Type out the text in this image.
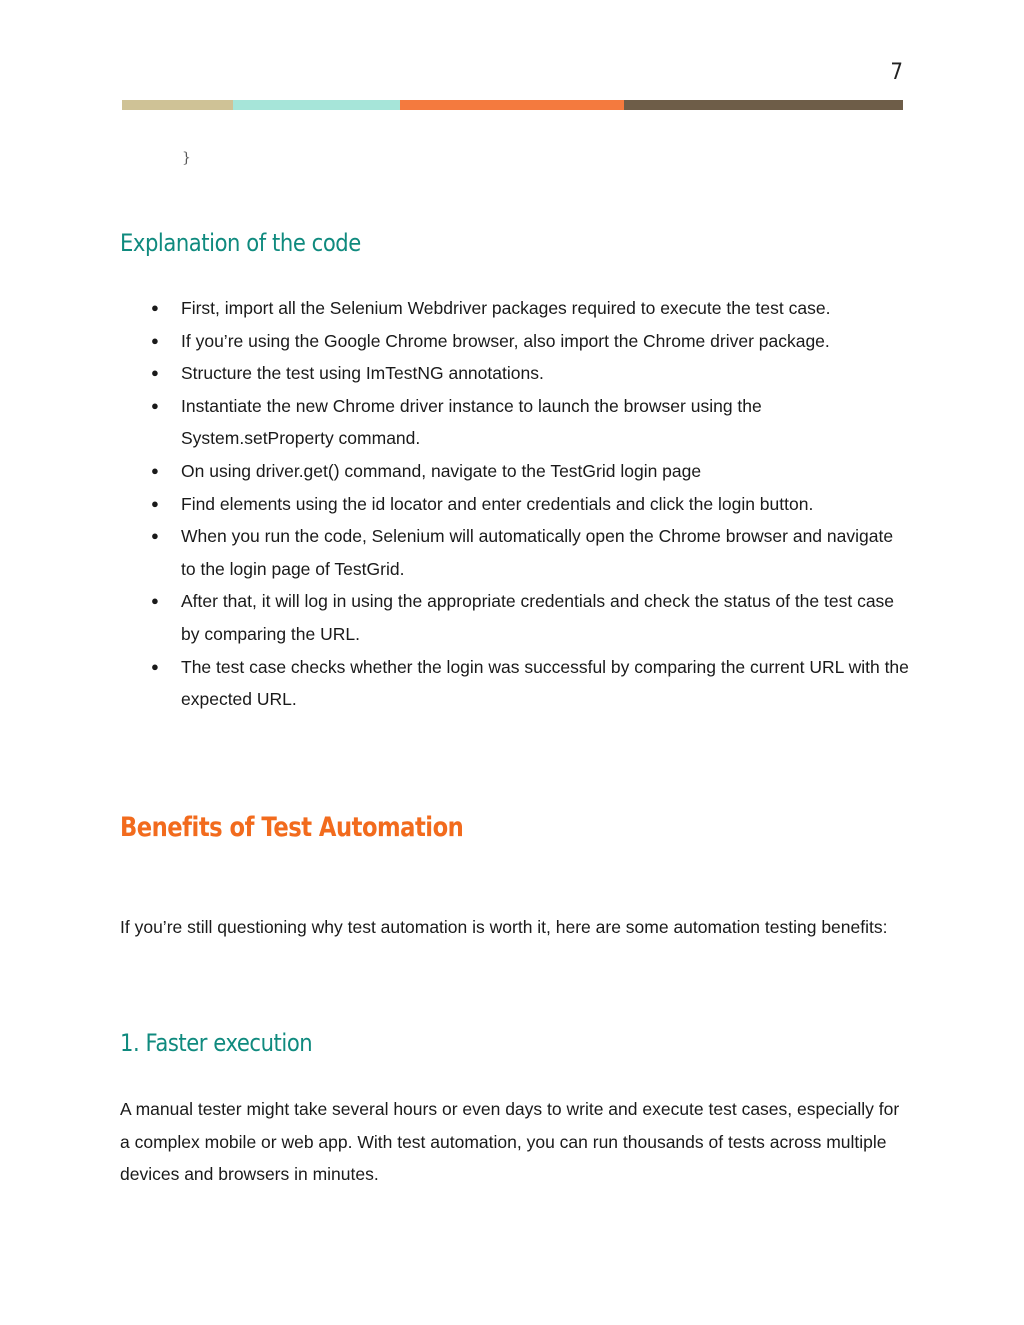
7
}
Explanation of the code
● First, import all the Selenium Webdriver packages required to execute the test case.
● If you’re using the Google Chrome browser, also import the Chrome driver package.
● Structure the test using ImTestNG annotations.
● Instantiate the new Chrome driver instance to launch the browser using the System.setProperty command.
● On using driver.get() command, navigate to the TestGrid login page
● Find elements using the id locator and enter credentials and click the login button.
● When you run the code, Selenium will automatically open the Chrome browser and navigate to the login page of TestGrid.
● After that, it will log in using the appropriate credentials and check the status of the test case by comparing the URL.
● The test case checks whether the login was successful by comparing the current URL with the expected URL.
Benefits of Test Automation

If you’re still questioning why test automation is worth it, here are some automation testing benefits:

1. Faster execution

A manual tester might take several hours or even days to write and execute test cases, especially for a complex mobile or web app. With test automation, you can run thousands of tests across multiple devices and browsers in minutes.
